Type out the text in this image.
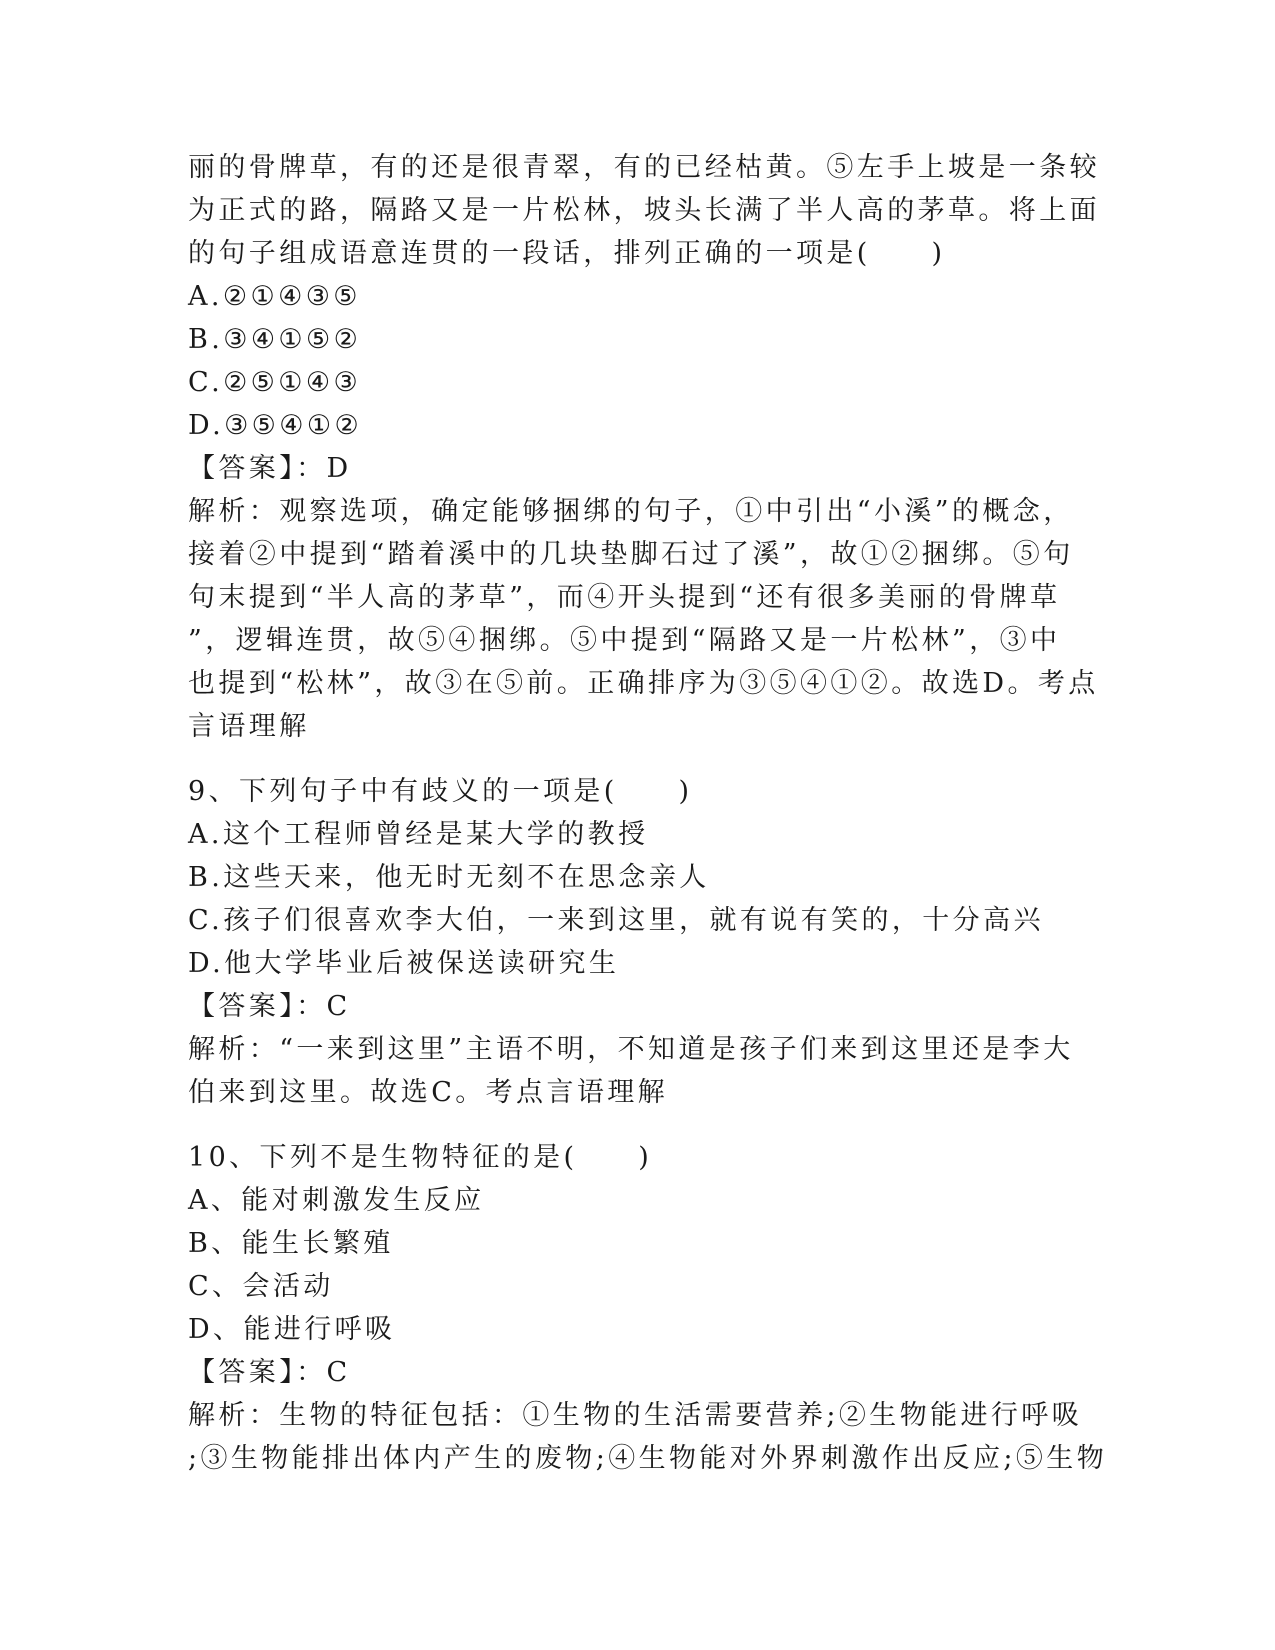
丽的骨牌草，有的还是很青翠，有的已经枯黄。⑤左手上坡是一条较

为正式的路，隔路又是一片松林，坡头长满了半人高的茅草。将上面

的句子组成语意连贯的一段话，排列正确的一项是(　　)

A.②①④③⑤

B.③④①⑤②

C.②⑤①④③

D.③⑤④①②

【答案】：D

解析：观察选项，确定能够捆绑的句子，①中引出“小溪”的概念，

接着②中提到“踏着溪中的几块垫脚石过了溪”，故①②捆绑。⑤句

句末提到“半人高的茅草”，而④开头提到“还有很多美丽的骨牌草

”，逻辑连贯，故⑤④捆绑。⑤中提到“隔路又是一片松林”，③中

也提到“松林”，故③在⑤前。正确排序为③⑤④①②。故选D。考点

言语理解

9、下列句子中有歧义的一项是(　　)

A.这个工程师曾经是某大学的教授

B.这些天来，他无时无刻不在思念亲人

C.孩子们很喜欢李大伯，一来到这里，就有说有笑的，十分高兴

D.他大学毕业后被保送读研究生

【答案】：C

解析：“一来到这里”主语不明，不知道是孩子们来到这里还是李大

伯来到这里。故选C。考点言语理解

10、下列不是生物特征的是(　　)

A、能对刺激发生反应

B、能生长繁殖

C、会活动

D、能进行呼吸

【答案】：C

解析：生物的特征包括：①生物的生活需要营养;②生物能进行呼吸

;③生物能排出体内产生的废物;④生物能对外界刺激作出反应;⑤生物
